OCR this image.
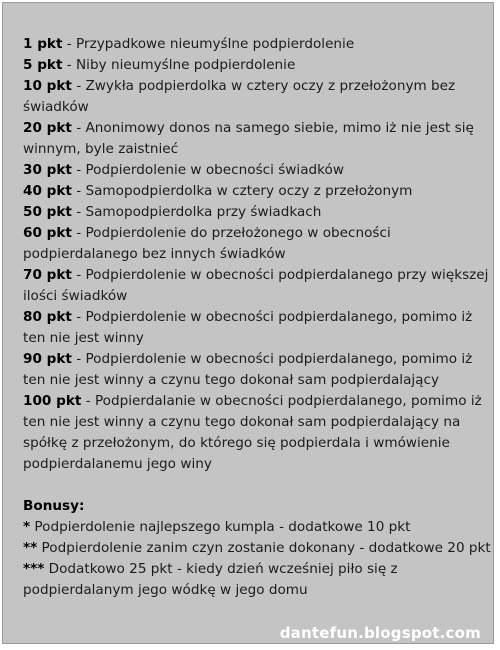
1 pkt - Przypadkowe nieumyślne podpierdolenie

5 pkt - Niby nieumyślne podpierdolenie

10 pkt - Zwykła podpierdolka w cztery oczy z przełożonym bez świadków

20 pkt - Anonimowy donos na samego siebie, mimo iż nie jest się winnym, byle zaistnieć

30 pkt - Podpierdolenie w obecności świadków

40 pkt - Samopodpierdolka w cztery oczy z przełożonym

50 pkt - Samopodpierdolka przy świadkach

60 pkt - Podpierdolenie do przełożonego w obecności podpierdalanego bez innych świadków

70 pkt - Podpierdolenie w obecności podpierdalanego przy większej ilości świadków

80 pkt - Podpierdolenie w obecności podpierdalanego, pomimo iż ten nie jest winny

90 pkt - Podpierdolenie w obecności podpierdalanego, pomimo iż ten nie jest winny a czynu tego dokonał sam podpierdalający

100 pkt - Podpierdalanie w obecności podpierdalanego, pomimo iż ten nie jest winny a czynu tego dokonał sam podpierdalający na spółkę z przełożonym, do którego się podpierdala i wmówienie podpierdalanemu jego winy

Bonusy:

* Podpierdolenie najlepszego kumpla - dodatkowe 10 pkt

** Podpierdolenie zanim czyn zostanie dokonany - dodatkowe 20 pkt

*** Dodatkowo 25 pkt - kiedy dzień wcześniej piło się z podpierdalanym jego wódkę w jego domu

dantefun.blogspot.com
